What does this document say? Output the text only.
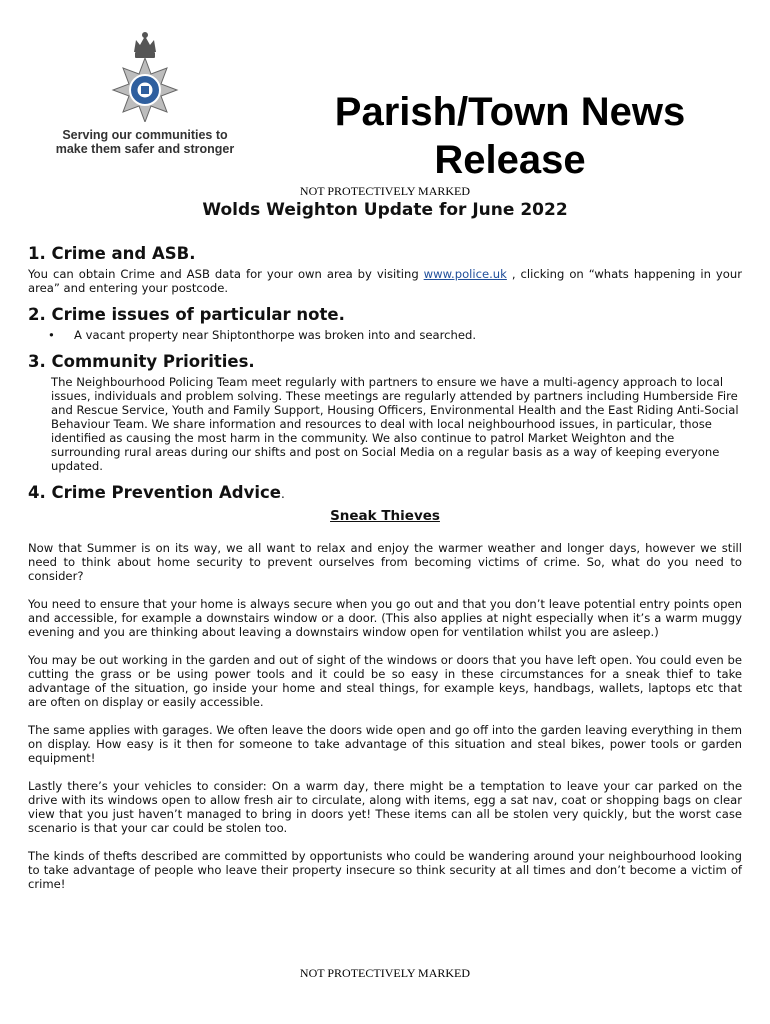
Serving our communities to
make them safer and stronger
Parish/Town News
Release
NOT PROTECTIVELY MARKED
Wolds Weighton Update for June 2022
1. Crime and ASB.

You can obtain Crime and ASB data for your own area by visiting www.police.uk , clicking on “whats happening in your area” and entering your postcode.

2. Crime issues of particular note.
•	A vacant property near Shiptonthorpe was broken into and searched.
3. Community Priorities.

The Neighbourhood Policing Team meet regularly with partners to ensure we have a multi-agency approach to local issues, individuals and problem solving. These meetings are regularly attended by partners including Humberside Fire and Rescue Service, Youth and Family Support, Housing Officers, Environmental Health and the East Riding Anti-Social Behaviour Team. We share information and resources to deal with local neighbourhood issues, in particular, those identified as causing the most harm in the community. We also continue to patrol Market Weighton and the surrounding rural areas during our shifts and post on Social Media on a regular basis as a way of keeping everyone updated.

4. Crime Prevention Advice.
Sneak Thieves

Now that Summer is on its way, we all want to relax and enjoy the warmer weather and longer days, however we still need to think about home security to prevent ourselves from becoming victims of crime. So, what do you need to consider?

You need to ensure that your home is always secure when you go out and that you don’t leave potential entry points open and accessible, for example a downstairs window or a door. (This also applies at night especially when it’s a warm muggy evening and you are thinking about leaving a downstairs window open for ventilation whilst you are asleep.)

You may be out working in the garden and out of sight of the windows or doors that you have left open. You could even be cutting the grass or be using power tools and it could be so easy in these circumstances for a sneak thief to take advantage of the situation, go inside your home and steal things, for example keys, handbags, wallets, laptops etc that are often on display or easily accessible.

The same applies with garages. We often leave the doors wide open and go off into the garden leaving everything in them on display. How easy is it then for someone to take advantage of this situation and steal bikes, power tools or garden equipment!

Lastly there’s your vehicles to consider: On a warm day, there might be a temptation to leave your car parked on the drive with its windows open to allow fresh air to circulate, along with items, egg a sat nav, coat or shopping bags on clear view that you just haven’t managed to bring in doors yet! These items can all be stolen very quickly, but the worst case scenario is that your car could be stolen too.

The kinds of thefts described are committed by opportunists who could be wandering around your neighbourhood looking to take advantage of people who leave their property insecure so think security at all times and don’t become a victim of crime!

NOT PROTECTIVELY MARKED
